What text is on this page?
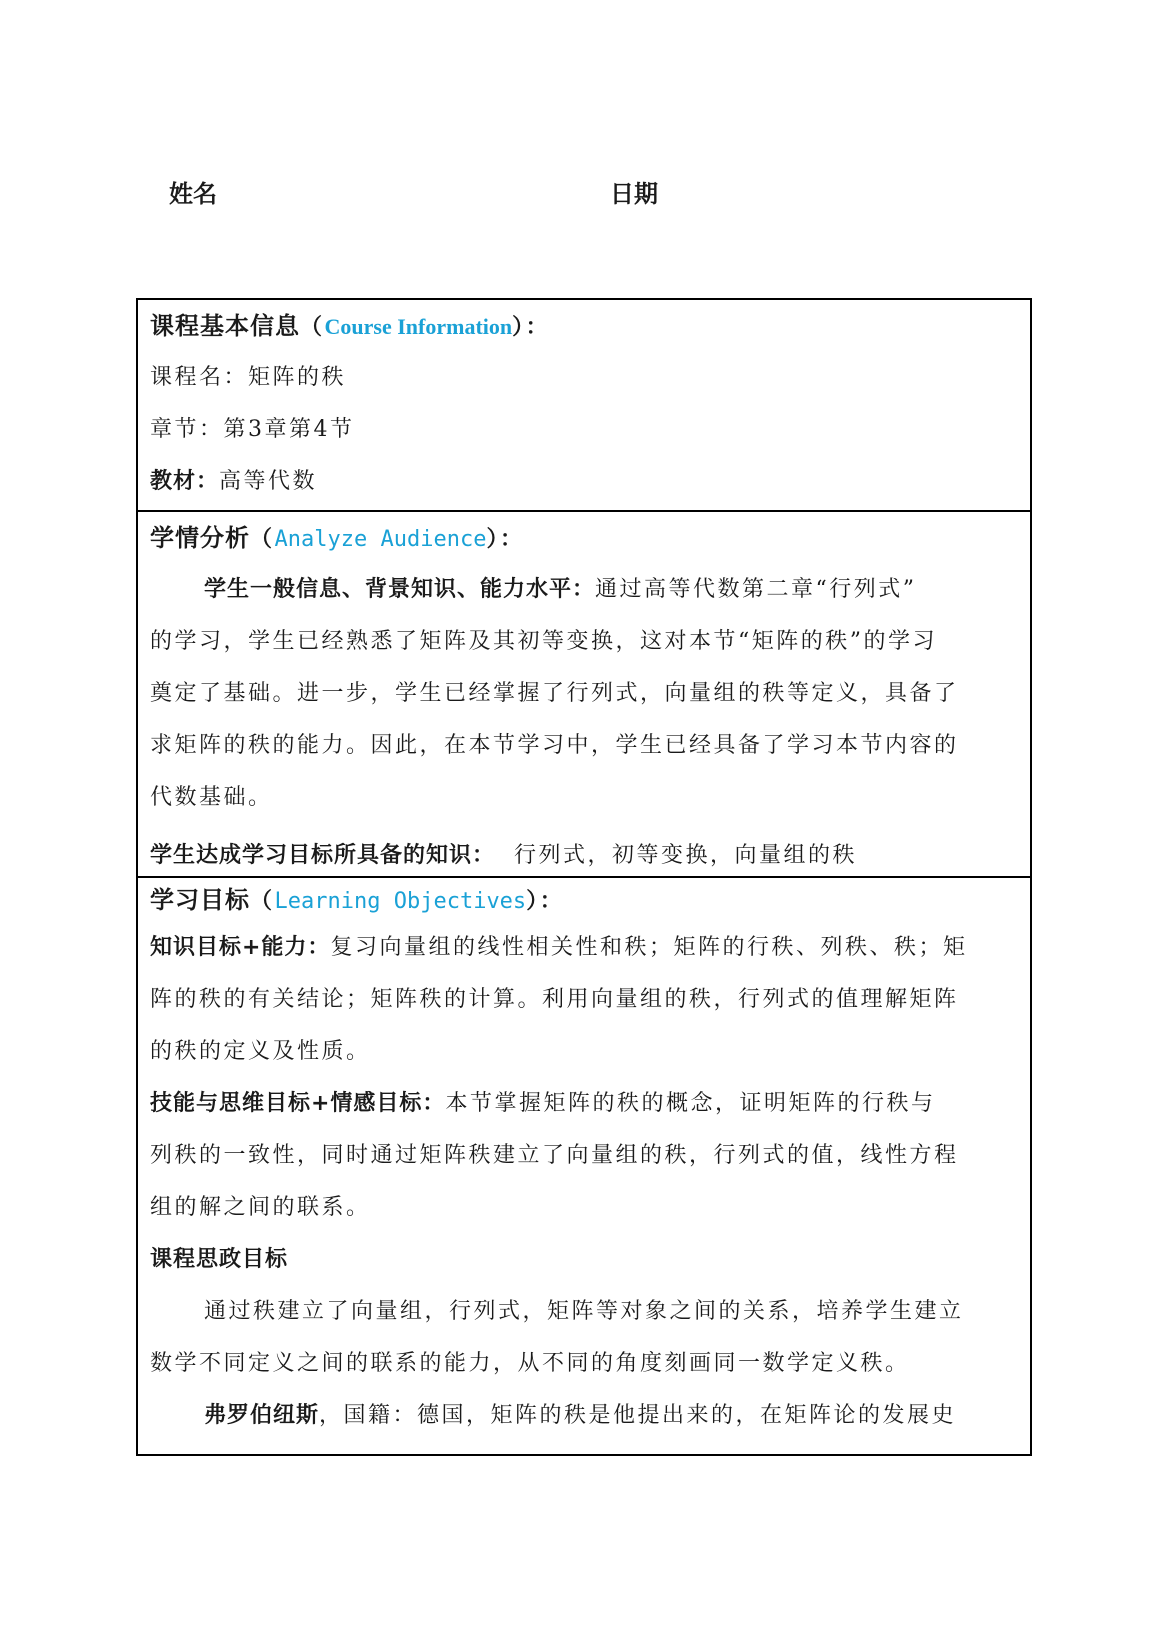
姓名	日期
课程基本信息（Course Information）：
课程名：矩阵的秩
章节：第3章第4节
教材：高等代数
学情分析（Analyze Audience）：
学生一般信息、背景知识、能力水平：通过高等代数第二章“行列式”
的学习，学生已经熟悉了矩阵及其初等变换，这对本节“矩阵的秩”的学习
奠定了基础。进一步，学生已经掌握了行列式，向量组的秩等定义，具备了
求矩阵的秩的能力。因此，在本节学习中，学生已经具备了学习本节内容的
代数基础。
学生达成学习目标所具备的知识： 行列式，初等变换，向量组的秩
学习目标（Learning Objectives）：
知识目标+能力：复习向量组的线性相关性和秩；矩阵的行秩、列秩、秩；矩
阵的秩的有关结论；矩阵秩的计算。利用向量组的秩，行列式的值理解矩阵
的秩的定义及性质。
技能与思维目标+情感目标：本节掌握矩阵的秩的概念，证明矩阵的行秩与
列秩的一致性，同时通过矩阵秩建立了向量组的秩，行列式的值，线性方程
组的解之间的联系。
课程思政目标
通过秩建立了向量组，行列式，矩阵等对象之间的关系，培养学生建立
数学不同定义之间的联系的能力，从不同的角度刻画同一数学定义秩。
弗罗伯纽斯，国籍：德国，矩阵的秩是他提出来的，在矩阵论的发展史
